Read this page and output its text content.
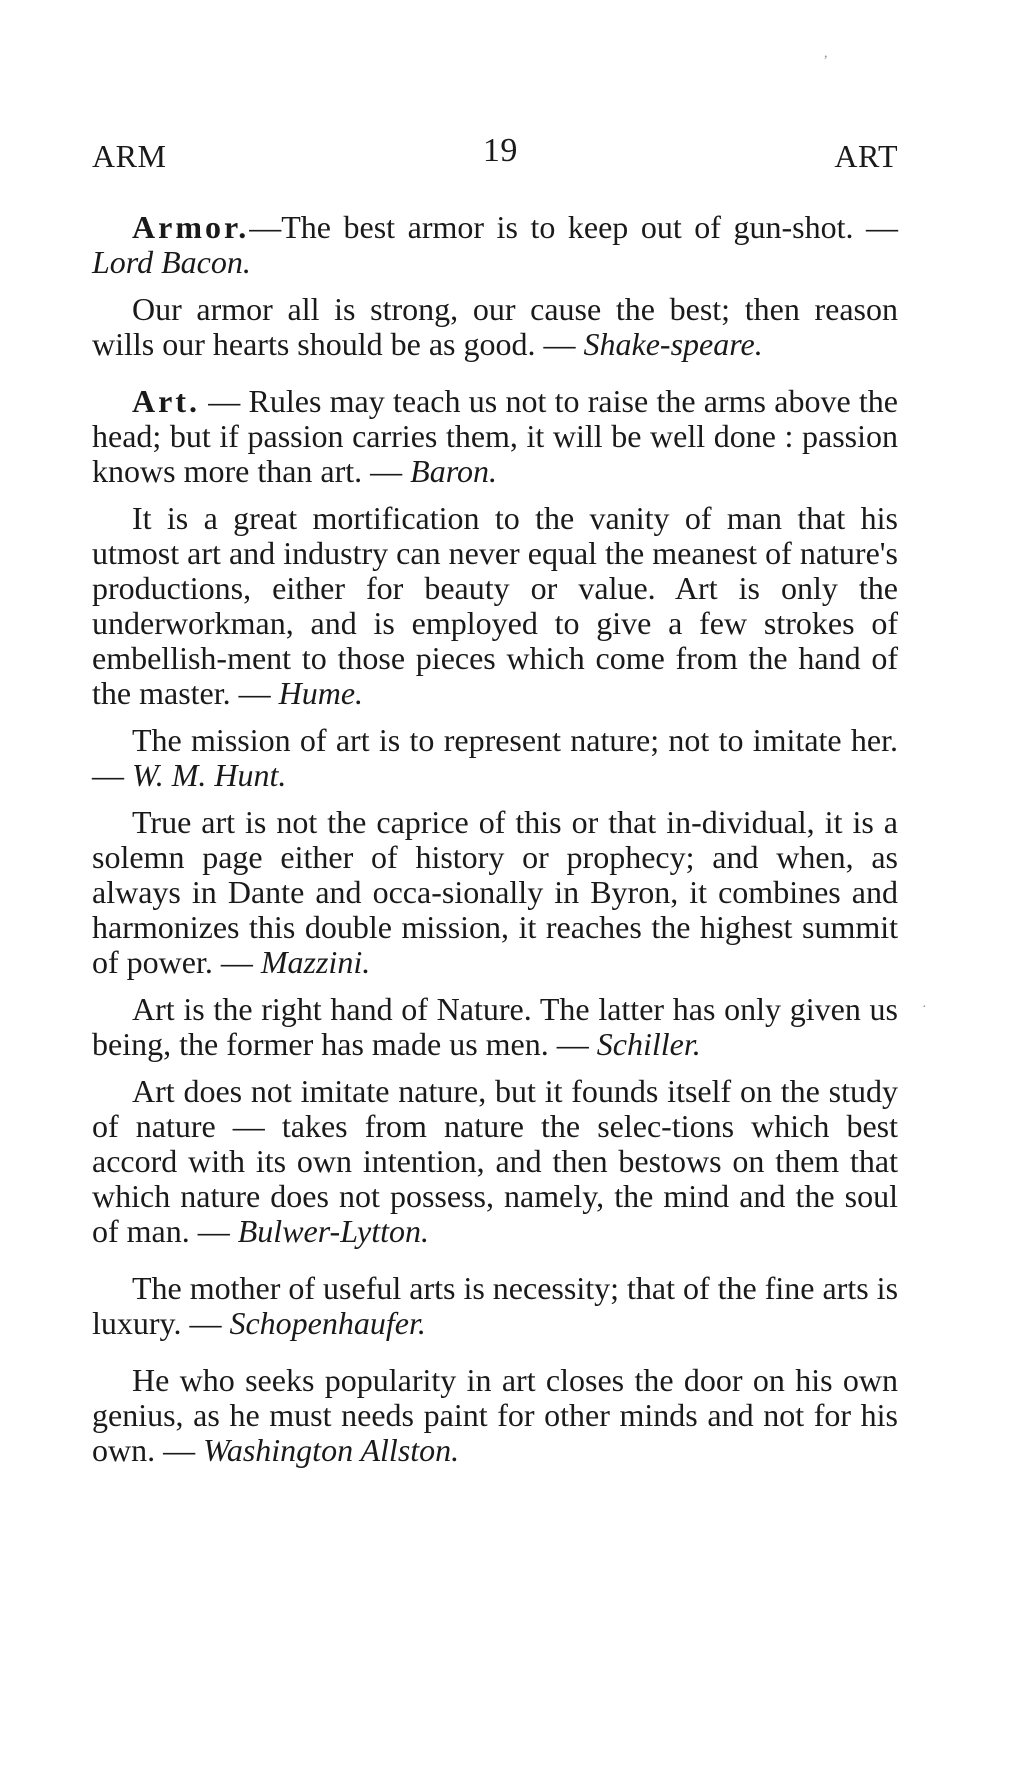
ARM	19	ART

Armor.—The best armor is to keep out of gun-shot. —Lord Bacon.

Our armor all is strong, our cause the best; then reason wills our hearts should be as good. — Shake-speare.

Art. — Rules may teach us not to raise the arms above the head; but if passion carries them, it will be well done : passion knows more than art. — Baron.

It is a great mortification to the vanity of man that his utmost art and industry can never equal the meanest of nature's productions, either for beauty or value. Art is only the underworkman, and is employed to give a few strokes of embellish-ment to those pieces which come from the hand of the master. — Hume.

The mission of art is to represent nature; not to imitate her. — W. M. Hunt.

True art is not the caprice of this or that in-dividual, it is a solemn page either of history or prophecy; and when, as always in Dante and occa-sionally in Byron, it combines and harmonizes this double mission, it reaches the highest summit of power. — Mazzini.

Art is the right hand of Nature. The latter has only given us being, the former has made us men. — Schiller.

Art does not imitate nature, but it founds itself on the study of nature — takes from nature the selec-tions which best accord with its own intention, and then bestows on them that which nature does not possess, namely, the mind and the soul of man. — Bulwer-Lytton.

The mother of useful arts is necessity; that of the fine arts is luxury. — Schopenhaufer.

He who seeks popularity in art closes the door on his own genius, as he must needs paint for other minds and not for his own. — Washington Allston.

,
·
